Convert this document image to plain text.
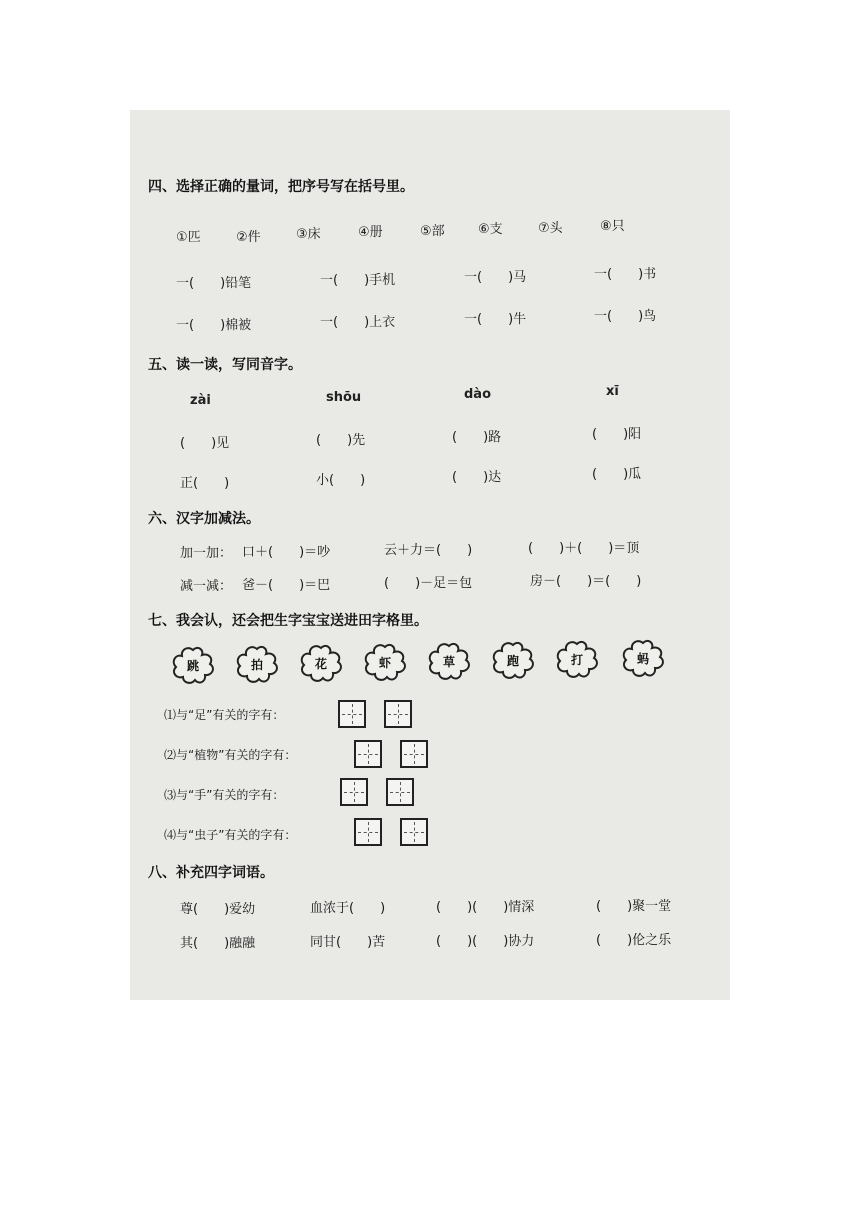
四、选择正确的量词，把序号写在括号里。
①匹	②件	③床	④册	⑤部	⑥支	⑦头	⑧只
一(　　)铅笔	一(　　)手机	一(　　)马	一(　　)书
一(　　)棉被	一(　　)上衣	一(　　)牛	一(　　)鸟
五、读一读，写同音字。
zài	shōu	dào	xī
(　　)见	(　　)先	(　　)路	(　　)阳
正(　　)	小(　　)	(　　)达	(　　)瓜
六、汉字加减法。
加一加： 口＋(　　)＝吵	云＋力＝(　　)	(　　)＋(　　)＝顶
减一减： 爸－(　　)＝巴	(　　)－足＝包	房－(　　)＝(　　)
七、我会认，还会把生字宝宝送进田字格里。
跳	拍	花	虾	草	跑	打	蚂
⑴与“足”有关的字有：
⑵与“植物”有关的字有：
⑶与“手”有关的字有：
⑷与“虫子”有关的字有：
八、补充四字词语。
尊(　　)爱幼	血浓于(　　)	(　　)(　　)情深	(　　)聚一堂
其(　　)融融	同甘(　　)苦	(　　)(　　)协力	(　　)伦之乐
